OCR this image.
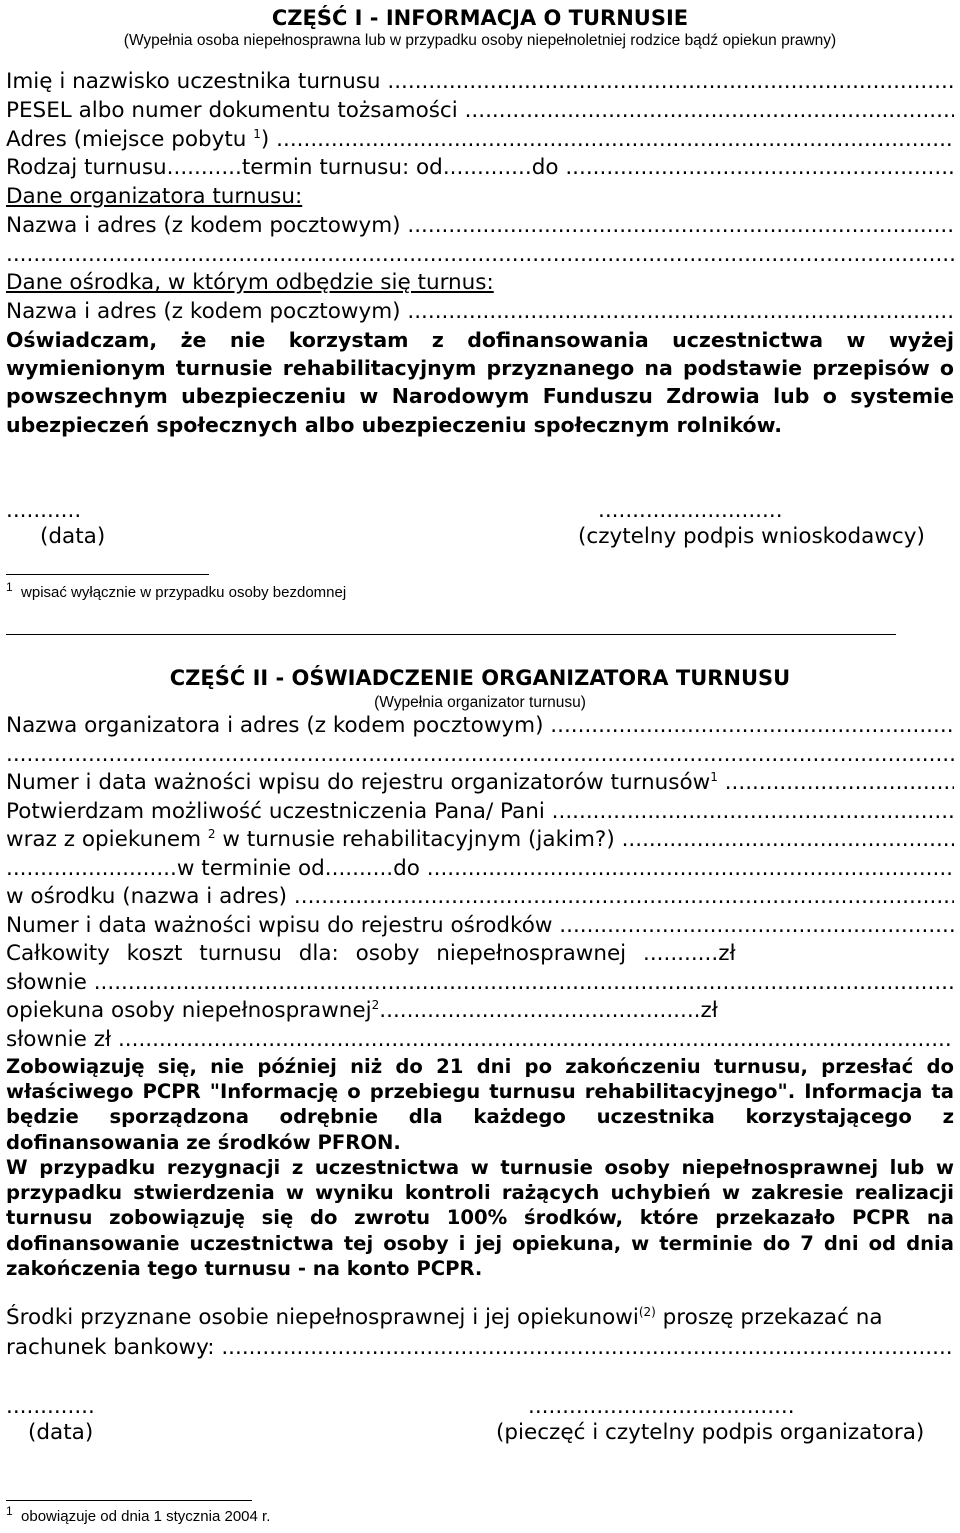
CZĘŚĆ I - INFORMACJA O TURNUSIE
(Wypełnia osoba niepełnosprawna lub w przypadku osoby niepełnoletniej rodzice bądź opiekun prawny)
Imię i nazwisko uczestnika turnusu .....
PESEL albo numer dokumentu tożsamości .....
Adres (miejsce pobytu $^1$) .....
Rodzaj turnusu...........termin turnusu: od.............do .....
Dane organizatora turnusu:
Nazwa i adres (z kodem pocztowym) .....
.....
Dane ośrodka, w którym odbędzie się turnus:
Nazwa i adres (z kodem pocztowym) .....
Oświadczam, że nie korzystam z dofinansowania uczestnictwa w wyżej wymienionym turnusie rehabilitacyjnym przyznanego na podstawie przepisów o powszechnym ubezpieczeniu w Narodowym Funduszu Zdrowia lub o systemie ubezpieczeń społecznych albo ubezpieczeniu społecznym rolników.
...........
(data)
...........................
(czytelny podpis wnioskodawcy)
$^1$ wpisać wyłącznie w przypadku osoby bezdomnej
CZĘŚĆ II - OŚWIADCZENIE ORGANIZATORA TURNUSU
(Wypełnia organizator turnusu)
Nazwa organizatora i adres (z kodem pocztowym) .....
.....
Numer i data ważności wpisu do rejestru organizatorów turnusów$^1$ .....
Potwierdzam możliwość uczestniczenia Pana/ Pani .....
wraz z opiekunem $^2$ w turnusie rehabilitacyjnym (jakim?) .....
.........................w terminie od..........do .....
w ośrodku (nazwa i adres) .....
Numer i data ważności wpisu do rejestru ośrodków .....
Całkowity koszt turnusu dla: osoby niepełnosprawnej ...........zł
słownie .....
opiekuna osoby niepełnosprawnej$^2$...............................................zł
słownie zł .....
Zobowiązuję się, nie później niż do 21 dni po zakończeniu turnusu, przesłać do właściwego PCPR "Informację o przebiegu turnusu rehabilitacyjnego". Informacja ta będzie sporządzona odrębnie dla każdego uczestnika korzystającego z dofinansowania ze środków PFRON.
W przypadku rezygnacji z uczestnictwa w turnusie osoby niepełnosprawnej lub w przypadku stwierdzenia w wyniku kontroli rażących uchybień w zakresie realizacji turnusu zobowiązuję się do zwrotu 100% środków, które przekazało PCPR na dofinansowanie uczestnictwa tej osoby i jej opiekuna, w terminie do 7 dni od dnia zakończenia tego turnusu - na konto PCPR.
Środki przyznane osobie niepełnosprawnej i jej opiekunowi$^{(2)}$ proszę przekazać na
rachunek bankowy: .....
.............
(data)
.......................................
(pieczęć i czytelny podpis organizatora)
$^1$ obowiązuje od dnia 1 stycznia 2004 r.
